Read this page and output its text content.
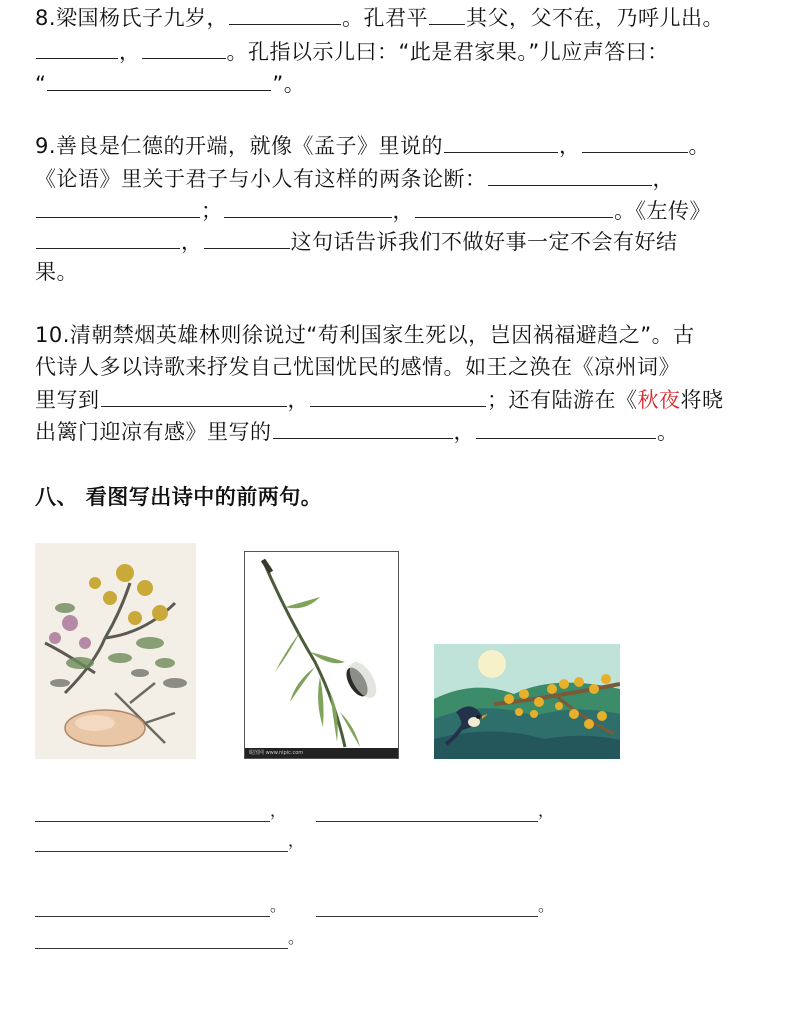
8.梁国杨氏子九岁，	。孔君平 其父，父不在，乃呼儿出。
，	。孔指以示儿曰：“此是君家果。”儿应声答曰：
“	”。
9.善良是仁德的开端，就像《孟子》里说的	，	。
《论语》里关于君子与小人有这样的两条论断：	，
；	，	。《左传》
，	这句话告诉我们不做好事一定不会有好结
果。
10.清朝禁烟英雄林则徐说过“苟利国家生死以，岂因祸福避趋之”。古
代诗人多以诗歌来抒发自己忧国忧民的感情。如王之涣在《凉州词》
里写到	，	；还有陆游在《秋夜将晓
出篱门迎凉有感》里写的	，	。
八、 看图写出诗中的前两句。
昵图网 www.nipic.com
，	，
，
。	。
。
